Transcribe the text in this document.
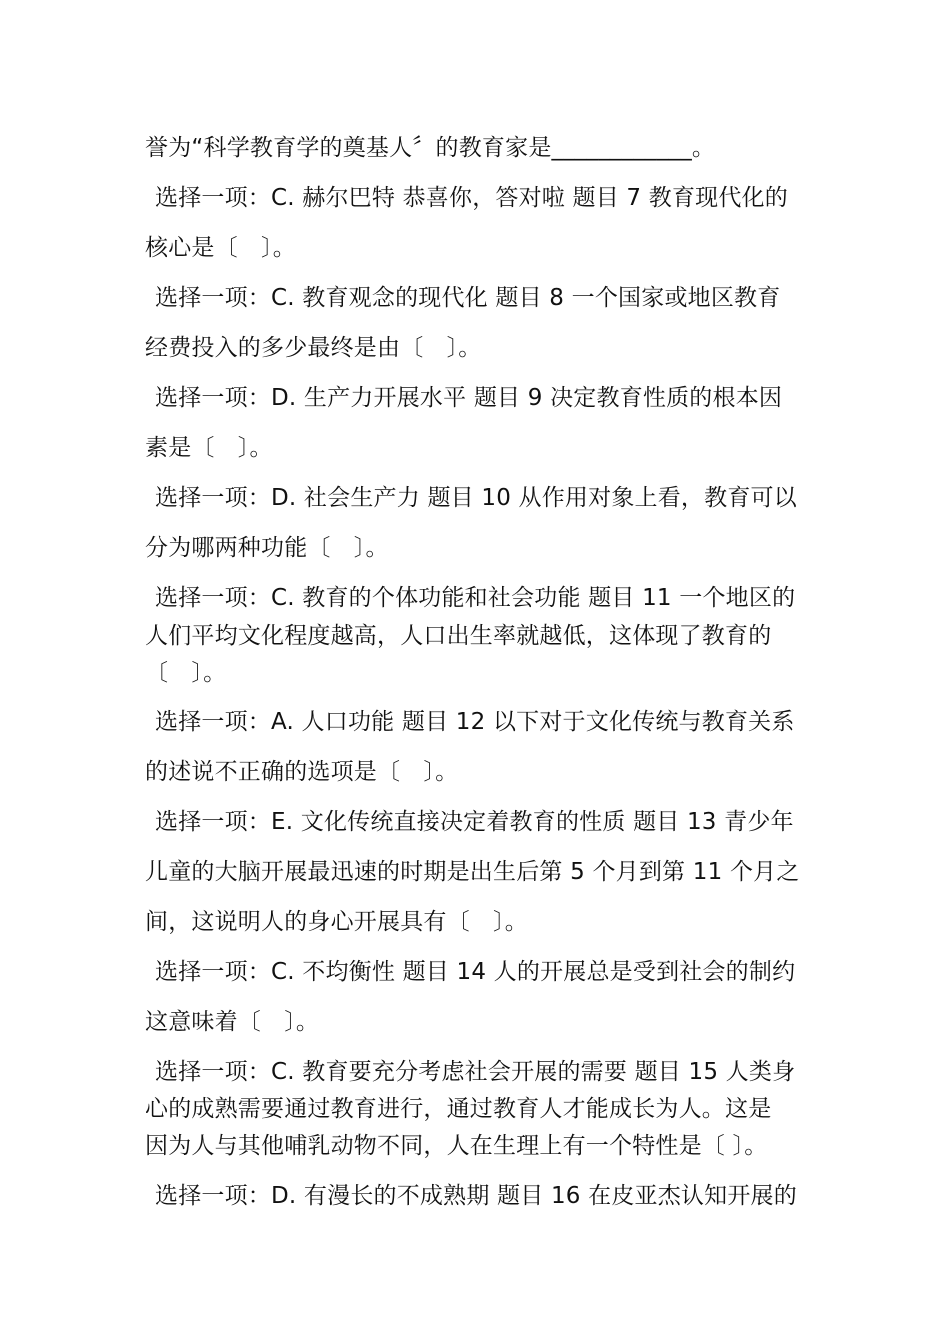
誉为“科学教育学的奠基人〞的教育家是____________。
选择一项：C. 赫尔巴特 恭喜你，答对啦 题目 7 教育现代化的
核心是〔　〕。
选择一项：C. 教育观念的现代化 题目 8 一个国家或地区教育
经费投入的多少最终是由〔　〕。
选择一项：D. 生产力开展水平 题目 9 决定教育性质的根本因
素是〔　〕。
选择一项：D. 社会生产力 题目 10 从作用对象上看，教育可以
分为哪两种功能〔　〕。
选择一项：C. 教育的个体功能和社会功能 题目 11 一个地区的
人们平均文化程度越高，人口出生率就越低，这体现了教育的
〔　〕。
选择一项：A. 人口功能 题目 12 以下对于文化传统与教育关系
的述说不正确的选项是〔　〕。
选择一项：E. 文化传统直接决定着教育的性质 题目 13 青少年
儿童的大脑开展最迅速的时期是出生后第 5 个月到第 11 个月之
间，这说明人的身心开展具有〔　〕。
选择一项：C. 不均衡性 题目 14 人的开展总是受到社会的制约
这意味着〔　〕。
选择一项：C. 教育要充分考虑社会开展的需要 题目 15 人类身
心的成熟需要通过教育进行，通过教育人才能成长为人。这是
因为人与其他哺乳动物不同，人在生理上有一个特性是〔 〕。
选择一项：D. 有漫长的不成熟期 题目 16 在皮亚杰认知开展的
